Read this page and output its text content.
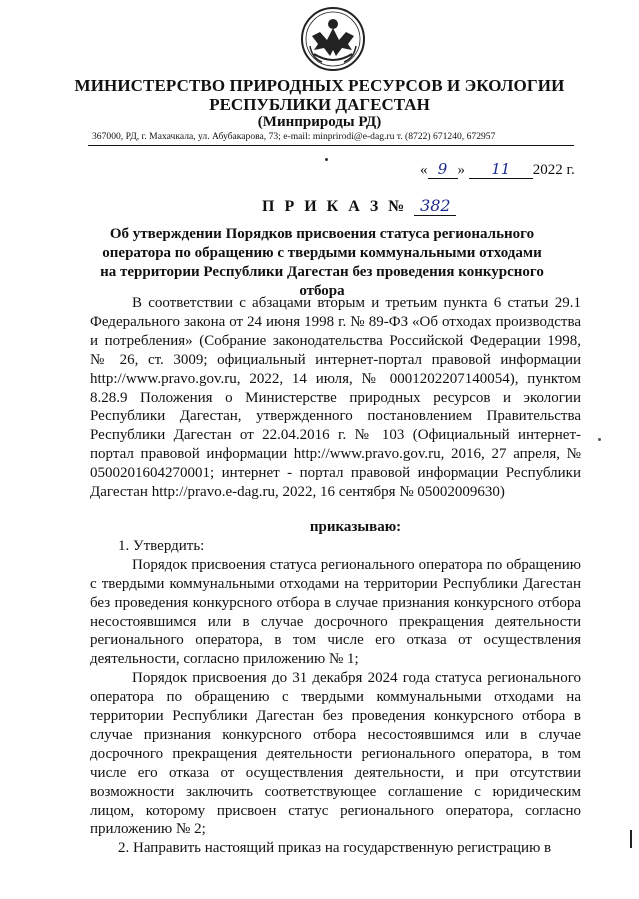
МИНИСТЕРСТВО ПРИРОДНЫХ РЕСУРСОВ И ЭКОЛОГИИ
РЕСПУБЛИКИ ДАГЕСТАН
(Минприроды РД)
367000, РД, г. Махачкала, ул. Абубакарова, 73; e-mail: minprirodi@e-dag.ru т. (8722) 671240, 672957
« 9 » 11 2022 г.
П Р И К А З № 382
Об утверждении Порядков присвоения статуса регионального оператора по обращению с твердыми коммунальными отходами на территории Республики Дагестан без проведения конкурсного отбора

В соответствии с абзацами вторым и третьим пункта 6 статьи 29.1 Федерального закона от 24 июня 1998 г. № 89-ФЗ «Об отходах производства и потребления» (Собрание законодательства Российской Федерации 1998, № 26, ст. 3009; официальный интернет-портал правовой информации http://www.pravo.gov.ru, 2022, 14 июля, № 0001202207140054), пунктом 8.28.9 Положения о Министерстве природных ресурсов и экологии Республики Дагестан, утвержденного постановлением Правительства Республики Дагестан от 22.04.2016 г. № 103 (Официальный интернет-портал правовой информации http://www.pravo.gov.ru, 2016, 27 апреля, № 0500201604270001; интернет - портал правовой информации Республики Дагестан http://pravo.e-dag.ru, 2022, 16 сентября № 05002009630)

приказываю:

1. Утвердить:

Порядок присвоения статуса регионального оператора по обращению с твердыми коммунальными отходами на территории Республики Дагестан без проведения конкурсного отбора в случае признания конкурсного отбора несостоявшимся или в случае досрочного прекращения деятельности регионального оператора, в том числе его отказа от осуществления деятельности, согласно приложению № 1;

Порядок присвоения до 31 декабря 2024 года статуса регионального оператора по обращению с твердыми коммунальными отходами на территории Республики Дагестан без проведения конкурсного отбора в случае признания конкурсного отбора несостоявшимся или в случае досрочного прекращения деятельности регионального оператора, в том числе его отказа от осуществления деятельности, и при отсутствии возможности заключить соответствующее соглашение с юридическим лицом, которому присвоен статус регионального оператора, согласно приложению № 2;

2. Направить настоящий приказ на государственную регистрацию в
